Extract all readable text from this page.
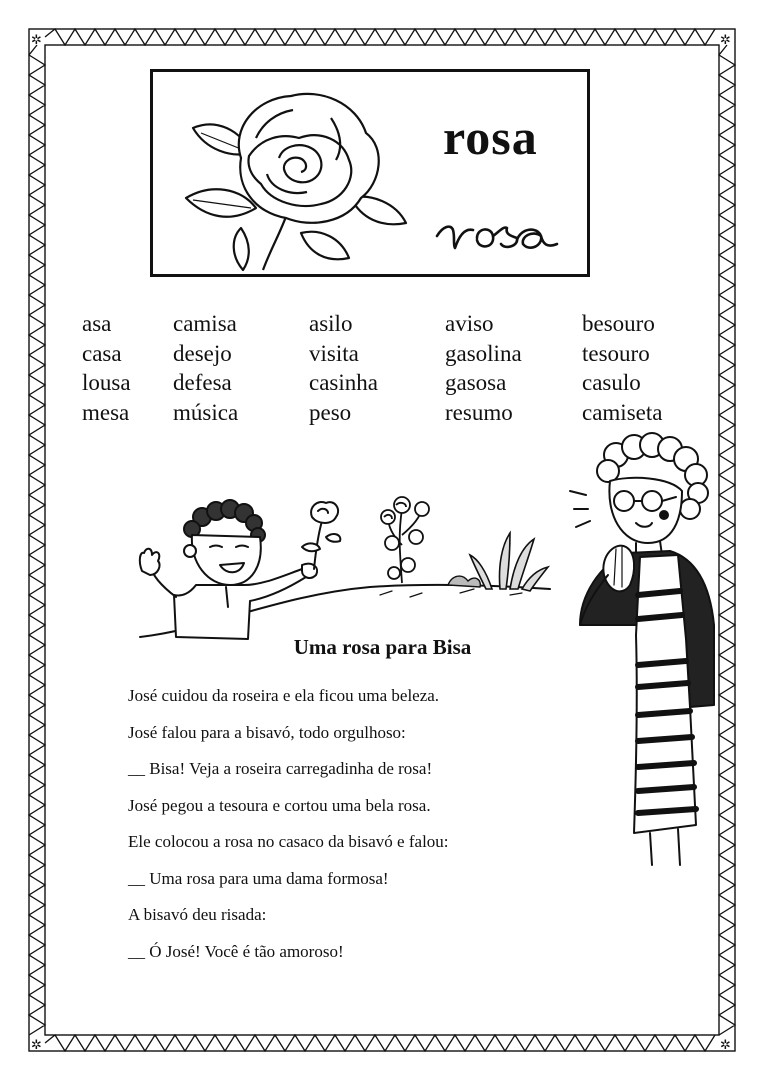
✲	✲
✲	✲
rosa
asa
casa
lousa
mesa
camisa
desejo
defesa
música
asilo
visita
casinha
peso
aviso
gasolina
gasosa
resumo
besouro
tesouro
casulo
camiseta
Uma rosa para Bisa
José cuidou da roseira e ela ficou uma beleza.
José falou para a bisavó, todo orgulhoso:
__ Bisa! Veja a roseira carregadinha de rosa!
José pegou a tesoura e cortou uma bela rosa.
Ele colocou a rosa no casaco da bisavó e falou:
__ Uma rosa para uma dama formosa!
A bisavó deu risada:
__ Ó José! Você é tão amoroso!
